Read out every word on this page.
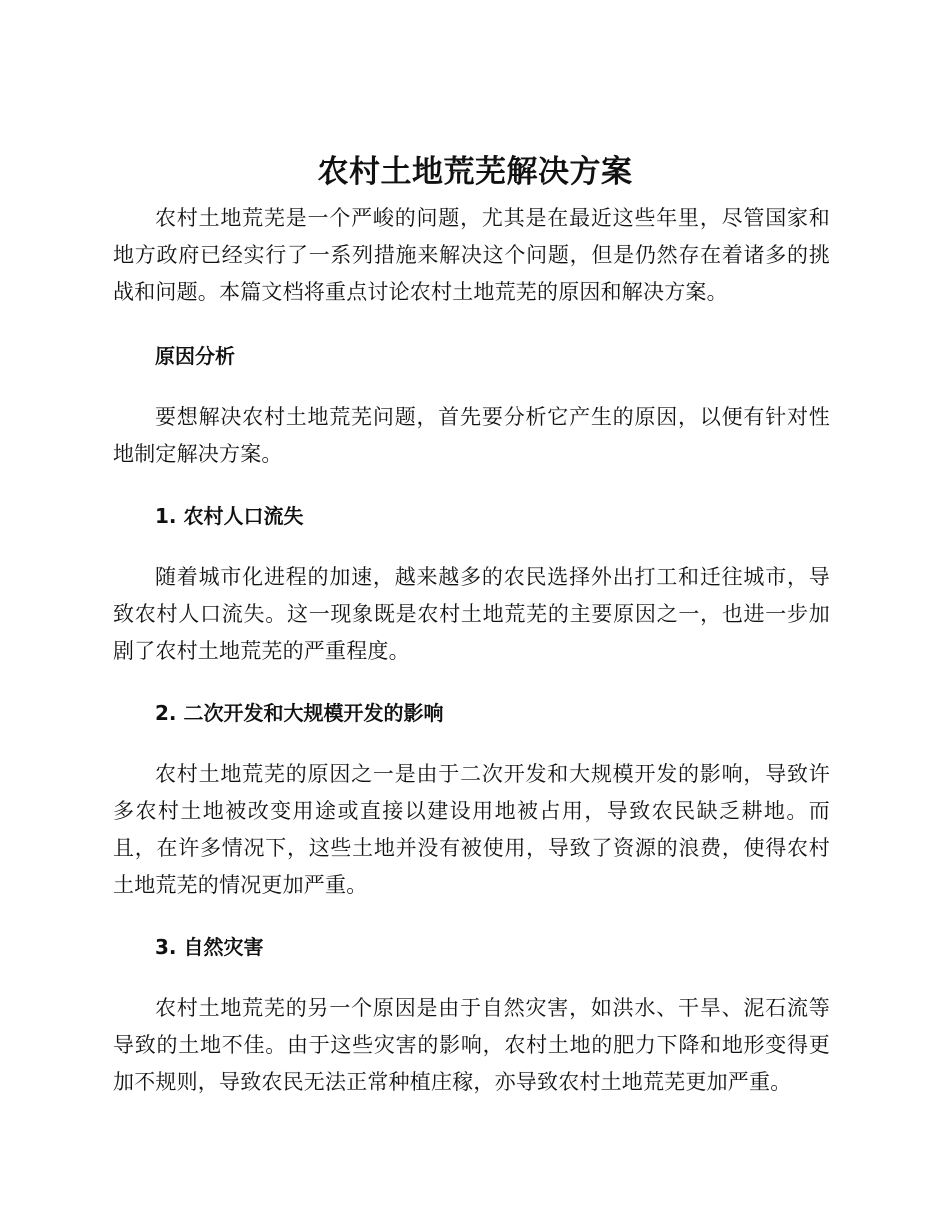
农村土地荒芜解决方案

农村土地荒芜是一个严峻的问题，尤其是在最近这些年里，尽管国家和地方政府已经实行了一系列措施来解决这个问题，但是仍然存在着诸多的挑战和问题。本篇文档将重点讨论农村土地荒芜的原因和解决方案。

原因分析

要想解决农村土地荒芜问题，首先要分析它产生的原因，以便有针对性地制定解决方案。

1. 农村人口流失

随着城市化进程的加速，越来越多的农民选择外出打工和迁往城市，导致农村人口流失。这一现象既是农村土地荒芜的主要原因之一，也进一步加剧了农村土地荒芜的严重程度。

2. 二次开发和大规模开发的影响

农村土地荒芜的原因之一是由于二次开发和大规模开发的影响，导致许多农村土地被改变用途或直接以建设用地被占用，导致农民缺乏耕地。而且，在许多情况下，这些土地并没有被使用，导致了资源的浪费，使得农村土地荒芜的情况更加严重。

3. 自然灾害

农村土地荒芜的另一个原因是由于自然灾害，如洪水、干旱、泥石流等导致的土地不佳。由于这些灾害的影响，农村土地的肥力下降和地形变得更加不规则，导致农民无法正常种植庄稼，亦导致农村土地荒芜更加严重。
